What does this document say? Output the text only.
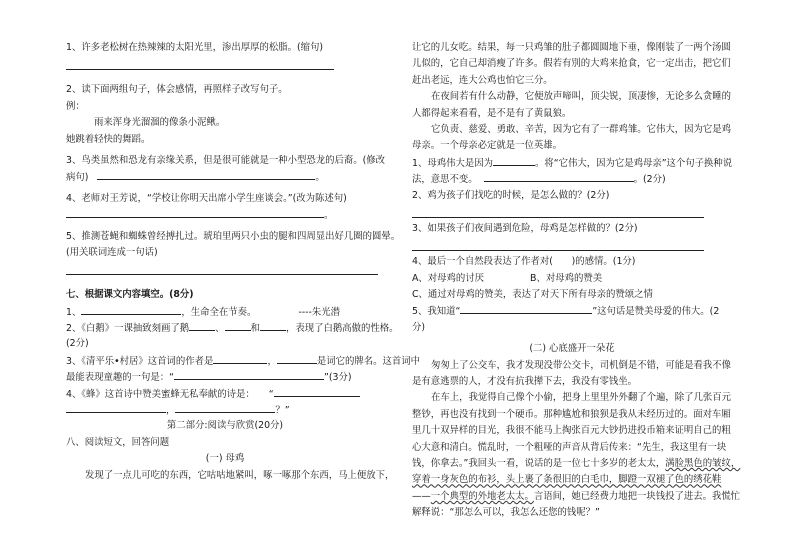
1、许多老松树在热辣辣的太阳光里，渗出厚厚的松脂。(缩句)
2、读下面两组句子，体会感情，再照样子改写句子。
例：
雨来浑身光溜溜的像条小泥鳅。
她跳着轻快的舞蹈。
3、鸟类虽然和恐龙有亲缘关系，但是很可能就是一种小型恐龙的后裔。(修改
病句)	。
4、老师对王芳说，“学校让你明天出席小学生座谈会。”(改为陈述句)
。
5、推测苍蝇和蜘蛛曾经搏扎过。琥珀里两只小虫的腿和四周显出好几圈的圆晕。
(用关联词连成一句话)
七、根据课文内容填空。(8分)
1、	，生命全在节奏。	----朱光潜
2、《白鹅》一课抽致刻画了鹅	、	和	，表现了白鹅高傲的性格。
(2分)
3、《清平乐•村居》这首词的作者是	，	是词它的牌名。这首词中
最能表现童趣的一句是：“	”(3分)
4、《蜂》这首诗中赞美蜜蜂无私奉献的诗是： “
，	？”
第二部分:阅读与欣赏(20分)
八、阅读短文，回答问题
(一) 母鸡
发现了一点儿可吃的东西，它咕咕地紧叫，啄一啄那个东西，马上便放下，
让它的儿女吃。结果，每一只鸡雏的肚子都圆圆地下垂，像刚装了一两个汤圆
儿似的，它自己却消瘦了许多。假若有別的大鸡来抢食，它一定出击，把它们
赶出老远，连大公鸡也怕它三分。
在夜间若有什么动静，它便放声啼叫，顶尖锐，顶凄惨，无论多么贪睡的
人都得起来看看，是不是有了黄鼠狼。
它负责、慈爱、勇敢、辛苦，因为它有了一群鸡雏。它伟大，因为它是鸡
母亲。一个母亲必定就是一位英雄。
1、母鸡伟大是因为	。将“它伟大，因为它是鸡母亲”这个句子换种说
法，意思不变。	。(2分)
2、鸡为孩子们找吃的时候，是怎么做的？(2分)
3、如果孩子们夜间遇到危险，母鸡是怎样做的？(2分)
4、最后一个自然段表达了作者对(　　)的感情。(1分)
A、对母鸡的讨厌	B、对母鸡的赞美
C、通过对母鸡的赞美，表达了对天下所有母亲的赞颂之情
5、我知道“	”这句话是赞美母爱的伟大。(2
分)
(二) 心底盛开一朵花
匆匆上了公交车，我才发现没带公交卡，司机倒是不错，可能是看我不像
是有意逃票的人，才没有抗我撵下去，我没有零钱坐。
在车上，我觉得自己像个小偷，把身上里里外外翻了个遍，除了几张百元
整钞，再也没有找到一个硬币。那种尴尬和狼狈是我从未经历过的。面对车厢
里几十双异样的目光，我很不能马上掏张百元大钞扔进投币箱来证明自己的粗
心大意和清白。慌乱时，一个粗哑的声音从背后传来：“先生，我这里有一块
钱，你拿去。”我回头一看，说话的是一位七十多岁的老太太，满脸黑色的皱纹，
穿着一身灰色的布衫，头上裹了条很旧的白毛巾，脚蹬一双褪了色的绣花鞋
——一个典型的外地老太太。言语间，她已经费力地把一块钱投了进去。我慌忙
解释说：“那怎么可以，我怎么还您的钱呢？”
